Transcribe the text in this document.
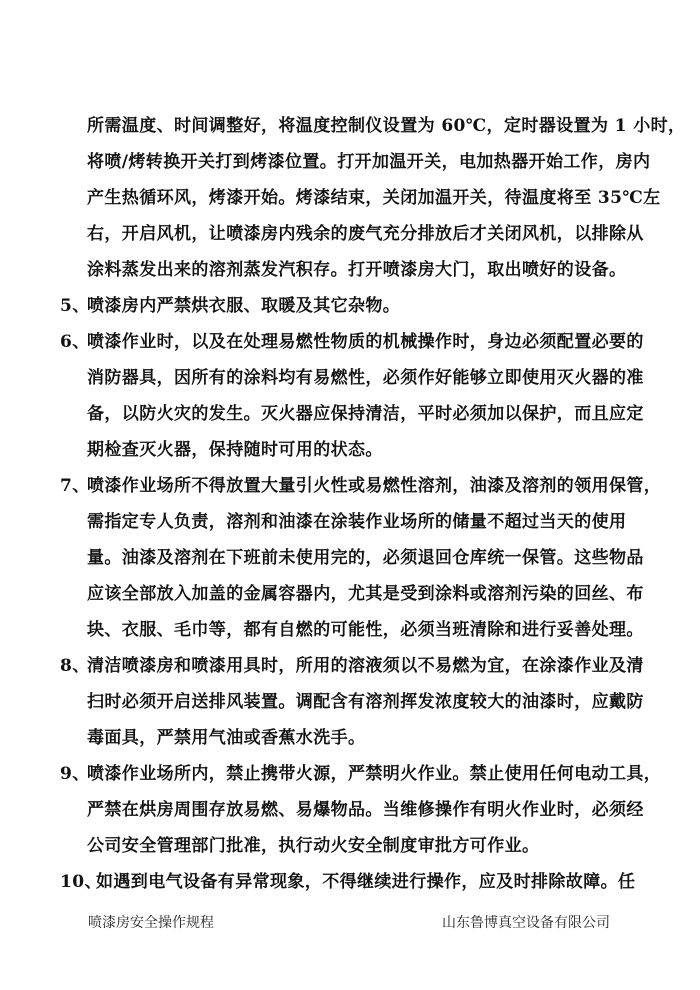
所需温度、时间调整好，将温度控制仪设置为 60℃，定时器设置为 1 小时，
将喷/烤转换开关打到烤漆位置。打开加温开关，电加热器开始工作，房内
产生热循环风，烤漆开始。烤漆结束，关闭加温开关，待温度将至 35℃左
右，开启风机，让喷漆房内残余的废气充分排放后才关闭风机，以排除从
涂料蒸发出来的溶剂蒸发汽积存。打开喷漆房大门，取出喷好的设备。
5、喷漆房内严禁烘衣服、取暖及其它杂物。
6、喷漆作业时，以及在处理易燃性物质的机械操作时，身边必须配置必要的
消防器具，因所有的涂料均有易燃性，必须作好能够立即使用灭火器的准
备，以防火灾的发生。灭火器应保持清洁，平时必须加以保护，而且应定
期检查灭火器，保持随时可用的状态。
7、喷漆作业场所不得放置大量引火性或易燃性溶剂，油漆及溶剂的领用保管，
需指定专人负责，溶剂和油漆在涂装作业场所的储量不超过当天的使用
量。油漆及溶剂在下班前未使用完的，必须退回仓库统一保管。这些物品
应该全部放入加盖的金属容器内，尤其是受到涂料或溶剂污染的回丝、布
块、衣服、毛巾等，都有自燃的可能性，必须当班清除和进行妥善处理。
8、清洁喷漆房和喷漆用具时，所用的溶液须以不易燃为宜，在涂漆作业及清
扫时必须开启送排风装置。调配含有溶剂挥发浓度较大的油漆时，应戴防
毒面具，严禁用气油或香蕉水洗手。
9、喷漆作业场所内，禁止携带火源，严禁明火作业。禁止使用任何电动工具，
严禁在烘房周围存放易燃、易爆物品。当维修操作有明火作业时，必须经
公司安全管理部门批准，执行动火安全制度审批方可作业。
10、如遇到电气设备有异常现象，不得继续进行操作，应及时排除故障。任
喷漆房安全操作规程	山东鲁博真空设备有限公司
